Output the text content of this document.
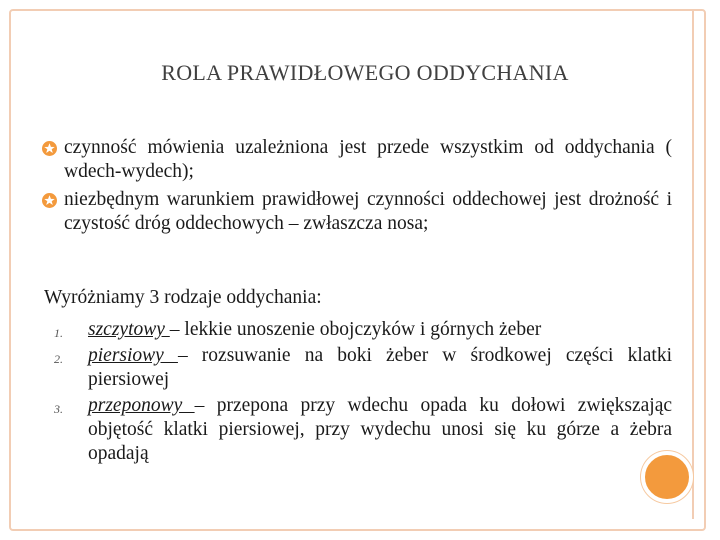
ROLA PRAWIDŁOWEGO ODDYCHANIA
czynność mówienia uzależniona jest przede wszystkim od oddychania ( wdech-wydech);
niezbędnym warunkiem prawidłowej czynności oddechowej jest drożność i czystość dróg oddechowych – zwłaszcza nosa;
Wyróżniamy 3 rodzaje oddychania:
1. szczytowy – lekkie unoszenie obojczyków i górnych żeber
2. piersiowy – rozsuwanie na boki żeber w środkowej części klatki piersiowej
3. przeponowy – przepona przy wdechu opada ku dołowi zwiększając objętość klatki piersiowej, przy wydechu unosi się ku górze a żebra opadają
